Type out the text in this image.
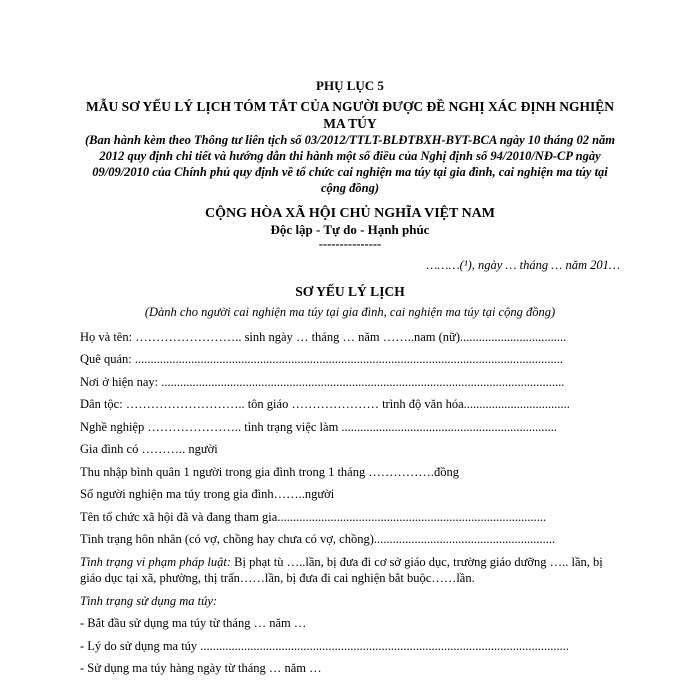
PHỤ LỤC 5
MẪU SƠ YẾU LÝ LỊCH TÓM TẮT CỦA NGƯỜI ĐƯỢC ĐỀ NGHỊ XÁC ĐỊNH NGHIỆN MA TÚY
(Ban hành kèm theo Thông tư liên tịch số 03/2012/TTLT-BLĐTBXH-BYT-BCA ngày 10 tháng 02 năm 2012 quy định chi tiết và hướng dẫn thi hành một số điều của Nghị định số 94/2010/NĐ-CP ngày 09/09/2010 của Chính phủ quy định về tổ chức cai nghiện ma túy tại gia đình, cai nghiện ma túy tại cộng đồng)
CỘNG HÒA XÃ HỘI CHỦ NGHĨA VIỆT NAM
Độc lập - Tự do - Hạnh phúc
---------------
………(¹), ngày … tháng … năm 201…
SƠ YẾU LÝ LỊCH
(Dành cho người cai nghiện ma túy tại gia đình, cai nghiện ma túy tại cộng đồng)
Họ và tên: …………………….. sinh ngày … tháng … năm ……..nam (nữ)..................................
Quê quán: .........................................................................................................................................
Nơi ở hiện nay: .................................................................................................................................
Dân tộc: ……………………….. tôn giáo ………………… trình độ văn hóa..................................
Nghề nghiệp ………………….. tình trạng việc làm .....................................................................
Gia đình có ……….. người
Thu nhập bình quân 1 người trong gia đình trong 1 tháng …………….đồng
Số người nghiện ma túy trong gia đình……..người
Tên tổ chức xã hội đã và đang tham gia......................................................................................
Tình trạng hôn nhân (có vợ, chồng hay chưa có vợ, chồng)..........................................................
Tình trạng vi phạm pháp luật: Bị phạt tù …..lần, bị đưa đi cơ sở giáo dục, trường giáo dưỡng ….. lần, bị giáo dục tại xã, phường, thị trấn……lần, bị đưa đi cai nghiện bắt buộc……lần.
Tình trạng sử dụng ma túy:
- Bắt đầu sử dụng ma túy từ tháng … năm …
- Lý do sử dụng ma túy ......................................................................................................................
- Sử dụng ma túy hàng ngày từ tháng … năm …
